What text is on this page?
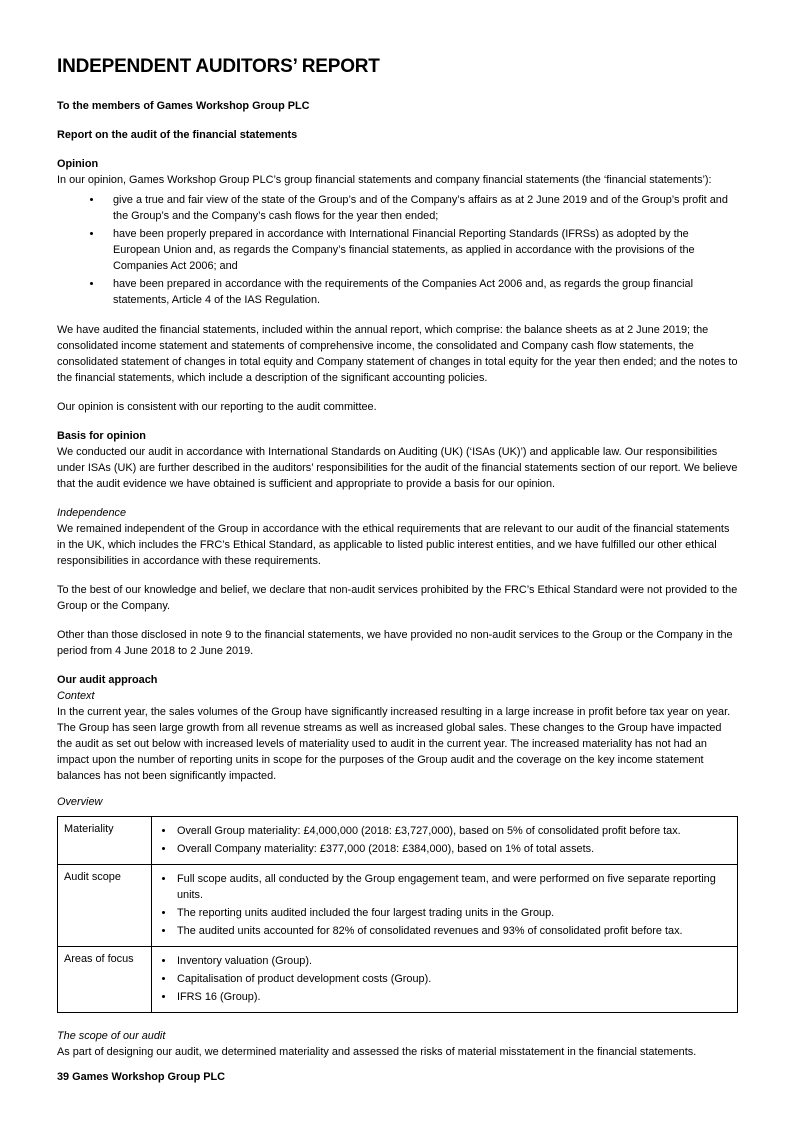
INDEPENDENT AUDITORS’ REPORT

To the members of Games Workshop Group PLC

Report on the audit of the financial statements

Opinion

In our opinion, Games Workshop Group PLC’s group financial statements and company financial statements (the ‘financial statements’):

• give a true and fair view of the state of the Group’s and of the Company’s affairs as at 2 June 2019 and of the Group’s profit and the Group’s and the Company’s cash flows for the year then ended;
• have been properly prepared in accordance with International Financial Reporting Standards (IFRSs) as adopted by the European Union and, as regards the Company’s financial statements, as applied in accordance with the provisions of the Companies Act 2006; and
• have been prepared in accordance with the requirements of the Companies Act 2006 and, as regards the group financial statements, Article 4 of the IAS Regulation.

We have audited the financial statements, included within the annual report, which comprise: the balance sheets as at 2 June 2019; the consolidated income statement and statements of comprehensive income, the consolidated and Company cash flow statements, the consolidated statement of changes in total equity and Company statement of changes in total equity for the year then ended; and the notes to the financial statements, which include a description of the significant accounting policies.

Our opinion is consistent with our reporting to the audit committee.

Basis for opinion

We conducted our audit in accordance with International Standards on Auditing (UK) (‘ISAs (UK)’) and applicable law. Our responsibilities under ISAs (UK) are further described in the auditors’ responsibilities for the audit of the financial statements section of our report. We believe that the audit evidence we have obtained is sufficient and appropriate to provide a basis for our opinion.

Independence

We remained independent of the Group in accordance with the ethical requirements that are relevant to our audit of the financial statements in the UK, which includes the FRC’s Ethical Standard, as applicable to listed public interest entities, and we have fulfilled our other ethical responsibilities in accordance with these requirements.

To the best of our knowledge and belief, we declare that non-audit services prohibited by the FRC’s Ethical Standard were not provided to the Group or the Company.

Other than those disclosed in note 9 to the financial statements, we have provided no non-audit services to the Group or the Company in the period from 4 June 2018 to 2 June 2019.

Our audit approach

Context

In the current year, the sales volumes of the Group have significantly increased resulting in a large increase in profit before tax year on year. The Group has seen large growth from all revenue streams as well as increased global sales. These changes to the Group have impacted the audit as set out below with increased levels of materiality used to audit in the current year. The increased materiality has not had an impact upon the number of reporting units in scope for the purposes of the Group audit and the coverage on the key income statement balances has not been significantly impacted.

Overview

Materiality	
•Overall Group materiality: £4,000,000 (2018: £3,727,000), based on 5% of consolidated profit before tax.
• Overall Company materiality: £377,000 (2018: £384,000), based on 1% of total assets.

Audit scope	
•Full scope audits, all conducted by the Group engagement team, and were performed on five separate reporting units.
• The reporting units audited included the four largest trading units in the Group.
• The audited units accounted for 82% of consolidated revenues and 93% of consolidated profit before tax.

Areas of focus	
•Inventory valuation (Group).
• Capitalisation of product development costs (Group).
• IFRS 16 (Group).

The scope of our audit

As part of designing our audit, we determined materiality and assessed the risks of material misstatement in the financial statements.

39 Games Workshop Group PLC
